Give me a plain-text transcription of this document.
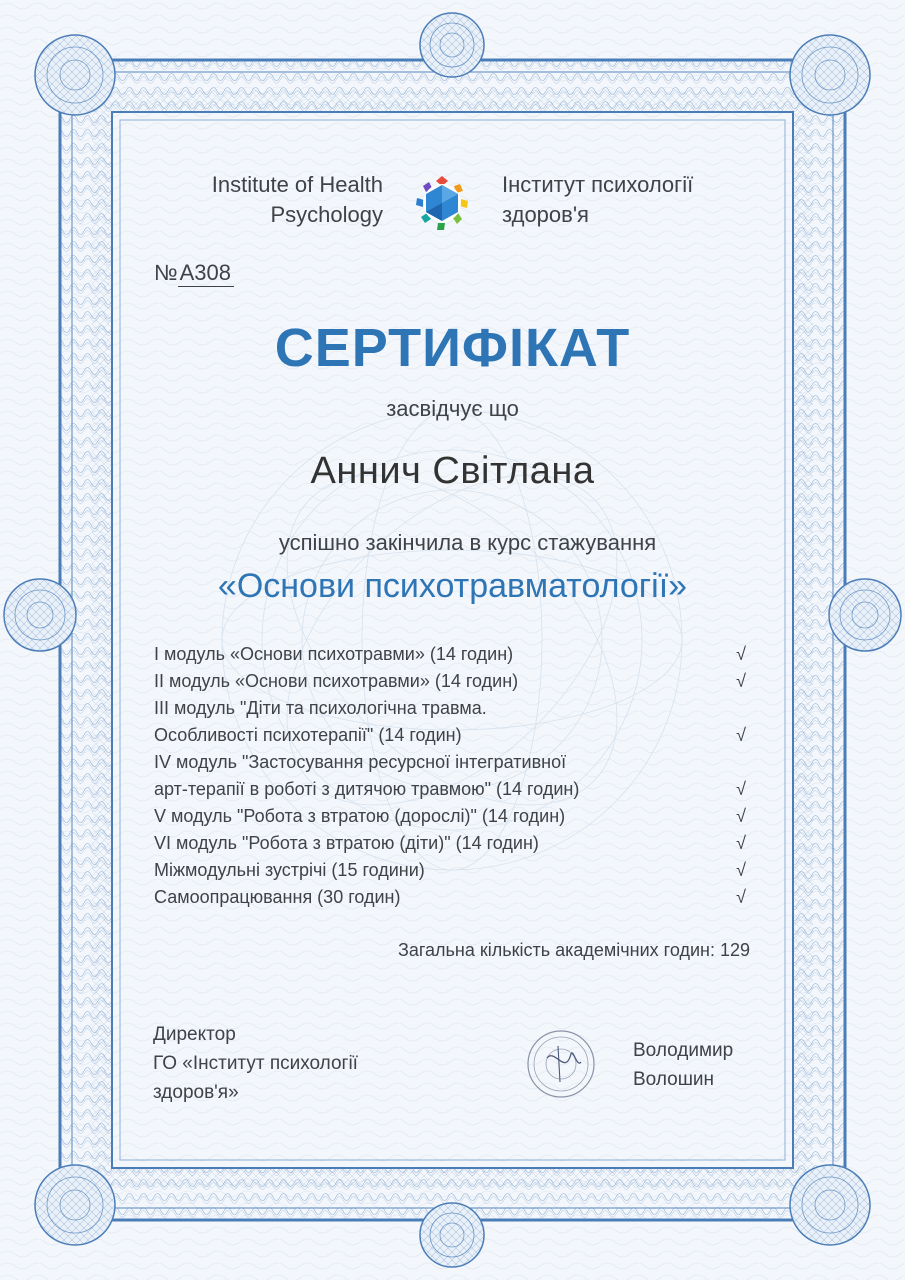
Institute of Health
Psychology
Інститут психології
здоров'я
№А308
СЕРТИФІКАТ
засвідчує що
Аннич Світлана
успішно закінчила в курс стажування
«Основи психотравматології»
I модуль «Основи психотравми» (14 годин)	√
II модуль «Основи психотравми» (14 годин)	√
III модуль "Діти та психологічна травма.
Особливості психотерапії" (14 годин)	√
IV модуль "Застосування ресурсної інтегративної
арт-терапії в роботі з дитячою травмою" (14 годин)	√
V модуль "Робота з втратою (дорослі)" (14 годин)	√
VI модуль "Робота з втратою (діти)" (14 годин)	√
Міжмодульні зустрічі (15 години)	√
Самоопрацювання (30 годин)	√
Загальна кількість академічних годин: 129
Директор
ГО «Інститут психології
здоров'я»
Володимир
Волошин
